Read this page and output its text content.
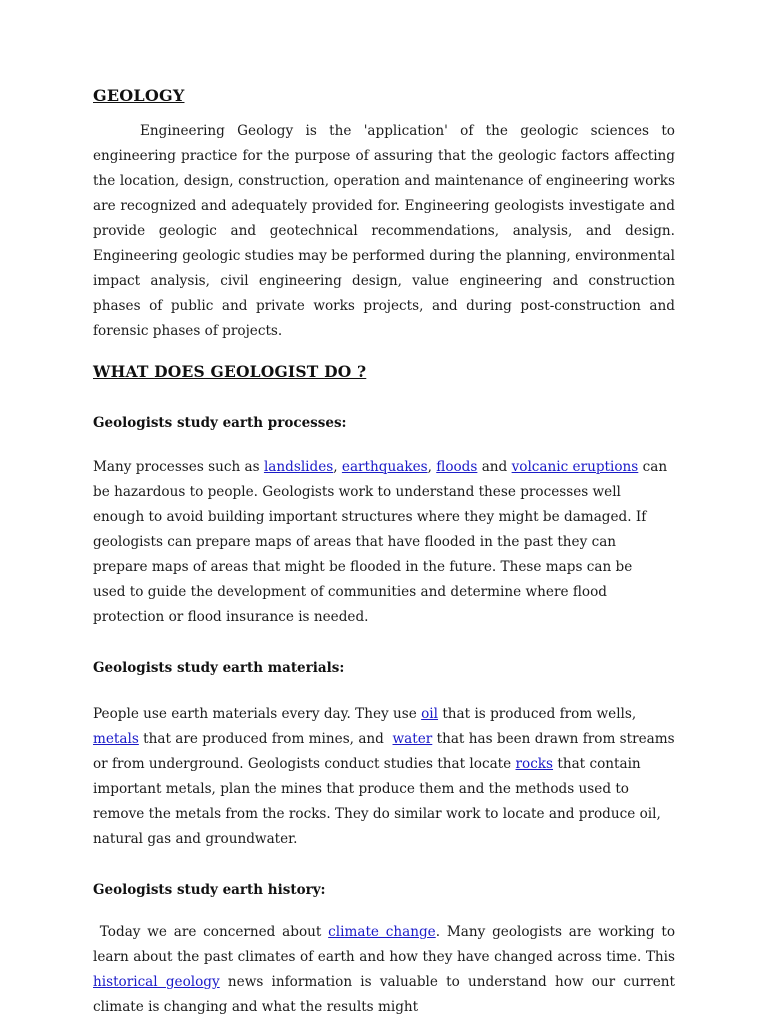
GEOLOGY

Engineering Geology is the 'application' of the geologic sciences to engineering practice for the purpose of assuring that the geologic factors affecting the location, design, construction, operation and maintenance of engineering works are recognized and adequately provided for. Engineering geologists investigate and provide geologic and geotechnical recommendations, analysis, and design. Engineering geologic studies may be performed during the planning, environmental impact analysis, civil engineering design, value engineering and construction phases of public and private works projects, and during post-construction and forensic phases of projects.

WHAT DOES GEOLOGIST DO ?
Geologists study earth processes:

Many processes such as landslides, earthquakes, floods and volcanic eruptions can be hazardous to people. Geologists work to understand these processes well enough to avoid building important structures where they might be damaged. If geologists can prepare maps of areas that have flooded in the past they can prepare maps of areas that might be flooded in the future. These maps can be used to guide the development of communities and determine where flood protection or flood insurance is needed.

Geologists study earth materials:

People use earth materials every day. They use oil that is produced from wells, metals that are produced from mines, and  water that has been drawn from streams or from underground. Geologists conduct studies that locate rocks that contain important metals, plan the mines that produce them and the methods used to remove the metals from the rocks. They do similar work to locate and produce oil, natural gas and groundwater.

Geologists study earth history:

Today we are concerned about climate change. Many geologists are working to learn about the past climates of earth and how they have changed across time. This historical geology news information is valuable to understand how our current climate is changing and what the results might
